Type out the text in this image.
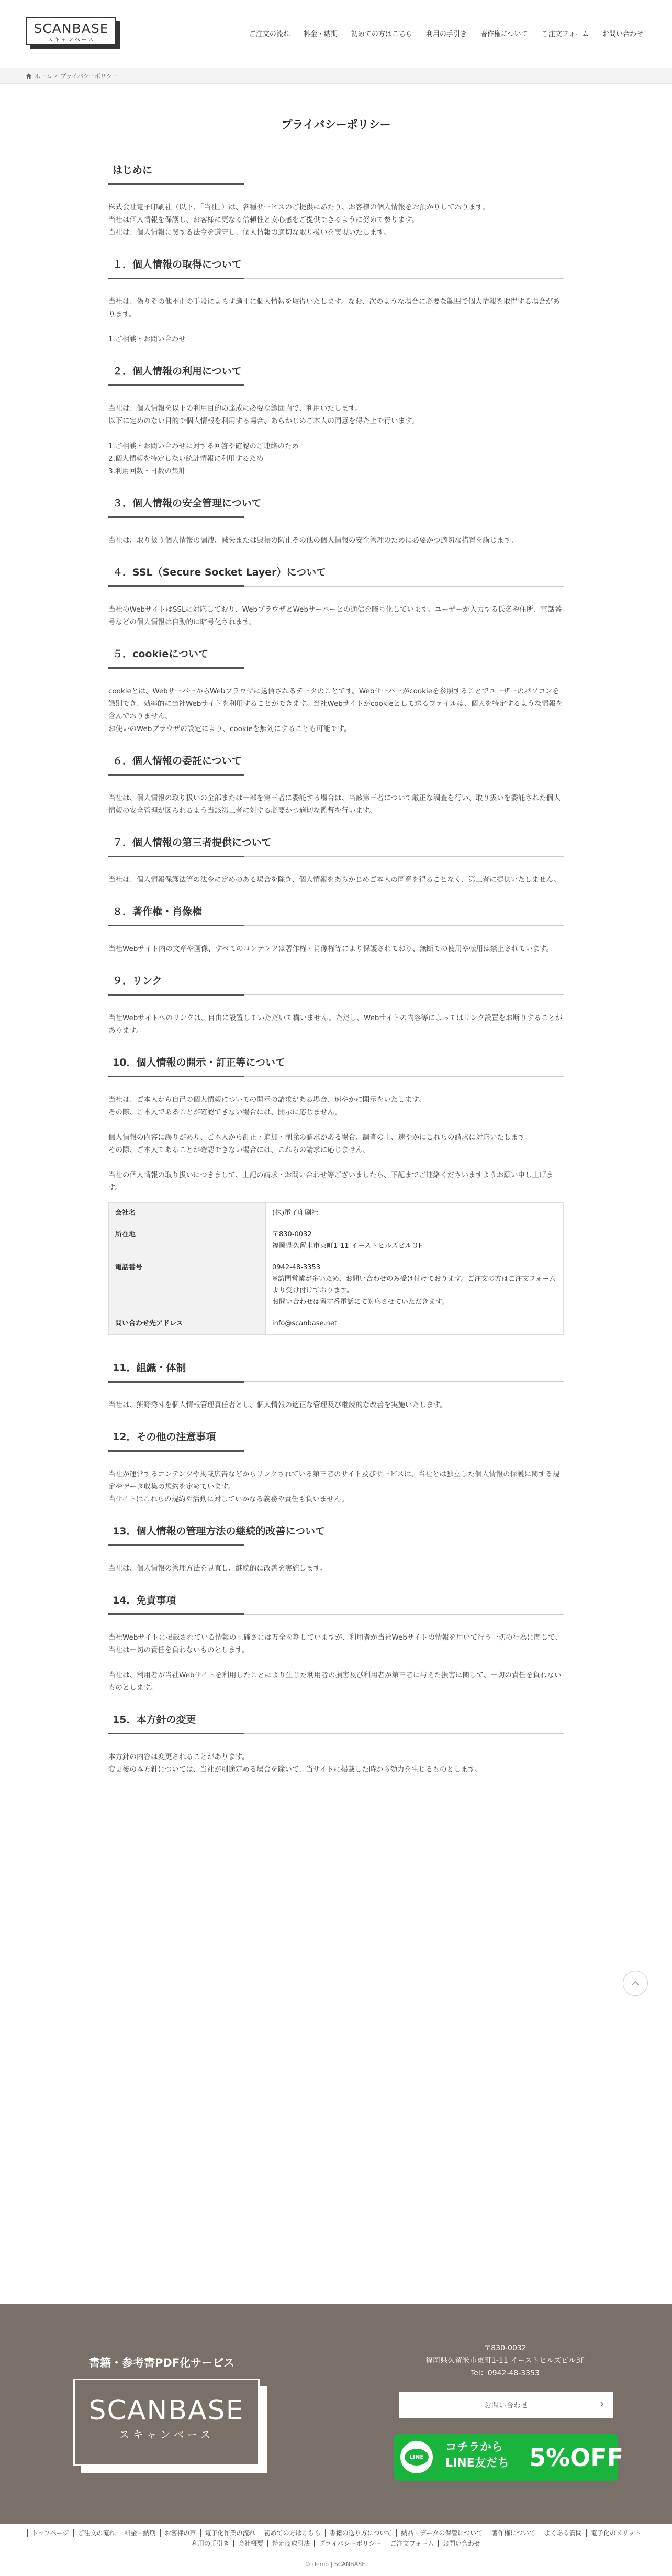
SCANBASE
スキャンベース
ご注文の流れ 料金・納期 初めての方はこちら 利用の手引き 著作権について ご注文フォーム お問い合わせ
ホーム › プライバシーポリシー
プライバシーポリシー
はじめに

株式会社電子印刷社（以下、「当社」）は、各種サービスのご提供にあたり、お客様の個人情報をお預かりしております。

当社は個人情報を保護し、お客様に更なる信頼性と安心感をご提供できるように努めて参ります。

当社は、個人情報に関する法令を遵守し、個人情報の適切な取り扱いを実現いたします。

１．個人情報の取得について

当社は、偽りその他不正の手段によらず適正に個人情報を取得いたします。なお、次のような場合に必要な範囲で個人情報を取得する場合があります。

1.ご相談・お問い合わせ

２．個人情報の利用について

当社は、個人情報を以下の利用目的の達成に必要な範囲内で、利用いたします。

以下に定めのない目的で個人情報を利用する場合、あらかじめご本人の同意を得た上で行います。

1.ご相談・お問い合わせに対する回答や確認のご連絡のため

2.個人情報を特定しない統計情報に利用するため

3.利用回数・日数の集計

３．個人情報の安全管理について

当社は、取り扱う個人情報の漏洩、滅失または毀損の防止その他の個人情報の安全管理のために必要かつ適切な措置を講じます。

４．SSL（Secure Socket Layer）について

当社のWebサイトはSSLに対応しており、WebブラウザとWebサーバーとの通信を暗号化しています。ユーザーが入力する氏名や住所、電話番号などの個人情報は自動的に暗号化されます。

５．cookieについて

cookieとは、WebサーバーからWebブラウザに送信されるデータのことです。Webサーバーがcookieを参照することでユーザーのパソコンを識別でき、効率的に当社Webサイトを利用することができます。当社Webサイトがcookieとして送るファイルは、個人を特定するような情報を含んでおりません。

お使いのWebブラウザの設定により、cookieを無効にすることも可能です。

６．個人情報の委託について

当社は、個人情報の取り扱いの全部または一部を第三者に委託する場合は、当該第三者について厳正な調査を行い、取り扱いを委託された個人情報の安全管理が図られるよう当該第三者に対する必要かつ適切な監督を行います。

７．個人情報の第三者提供について

当社は、個人情報保護法等の法令に定めのある場合を除き、個人情報をあらかじめご本人の同意を得ることなく、第三者に提供いたしません。

８．著作権・肖像権

当社Webサイト内の文章や画像、すべてのコンテンツは著作権・肖像権等により保護されており、無断での使用や転用は禁止されています。

９．リンク

当社Webサイトへのリンクは、自由に設置していただいて構いません。ただし、Webサイトの内容等によってはリンク設置をお断りすることがあります。

10．個人情報の開示・訂正等について

当社は、ご本人から自己の個人情報についての開示の請求がある場合、速やかに開示をいたします。

その際、ご本人であることが確認できない場合には、開示に応じません。

個人情報の内容に誤りがあり、ご本人から訂正・追加・削除の請求がある場合、調査の上、速やかにこれらの請求に対応いたします。

その際、ご本人であることが確認できない場合には、これらの請求に応じません。

当社の個人情報の取り扱いにつきまして、上記の請求・お問い合わせ等ございましたら、下記までご連絡くださいますようお願い申し上げます。

会社名	(株)電子印刷社

所在地	〒830-0032
福岡県久留米市東町1-11 イーストヒルズビル３F

電話番号	0942-48-3353
※訪問営業が多いため、お問い合わせのみ受け付けております。ご注文の方はご注文フォームより受け付けております。
お問い合わせは留守番電話にて対応させていただきます。

問い合わせ先アドレス	info@scanbase.net
11．組織・体制

当社は、熊野秀斗を個人情報管理責任者とし、個人情報の適正な管理及び継続的な改善を実施いたします。

12．その他の注意事項

当社が運営するコンテンツや掲載広告などからリンクされている第三者のサイト及びサービスは、当社とは独立した個人情報の保護に関する規定やデータ収集の規約を定めています。

当サイトはこれらの規約や活動に対していかなる義務や責任も負いません。

13．個人情報の管理方法の継続的改善について

当社は、個人情報の管理方法を見直し、継続的に改善を実施します。

14．免責事項

当社Webサイトに掲載されている情報の正確さには万全を期していますが、利用者が当社Webサイトの情報を用いて行う一切の行為に関して、当社は一切の責任を負わないものとします。

当社は、利用者が当社Webサイトを利用したことにより生じた利用者の損害及び利用者が第三者に与えた損害に関して、一切の責任を負わないものとします。

15．本方針の変更

本方針の内容は変更されることがあります。

変更後の本方針については、当社が別途定める場合を除いて、当サイトに掲載した時から効力を生じるものとします。

書籍・参考書PDF化サービス
SCANBASE
スキャンベース
〒830-0032
福岡県久留米市東町1-11 イーストヒルズビル3F
Tel：0942-48-3353
お問い合わせ
LINE
コチラから
LINE友だち 5%OFF
トップページ	ご注文の流れ	料金・納期	お客様の声	電子化作業の流れ	初めての方はこちら	書籍の送り方について	納品・データの保管について	著作権について	よくある質問	電子化のメリット
利用の手引き	会社概要	特定商取引法	プライバシーポリシー	ご注文フォーム	お問い合わせ
© demo | SCANBASE.
